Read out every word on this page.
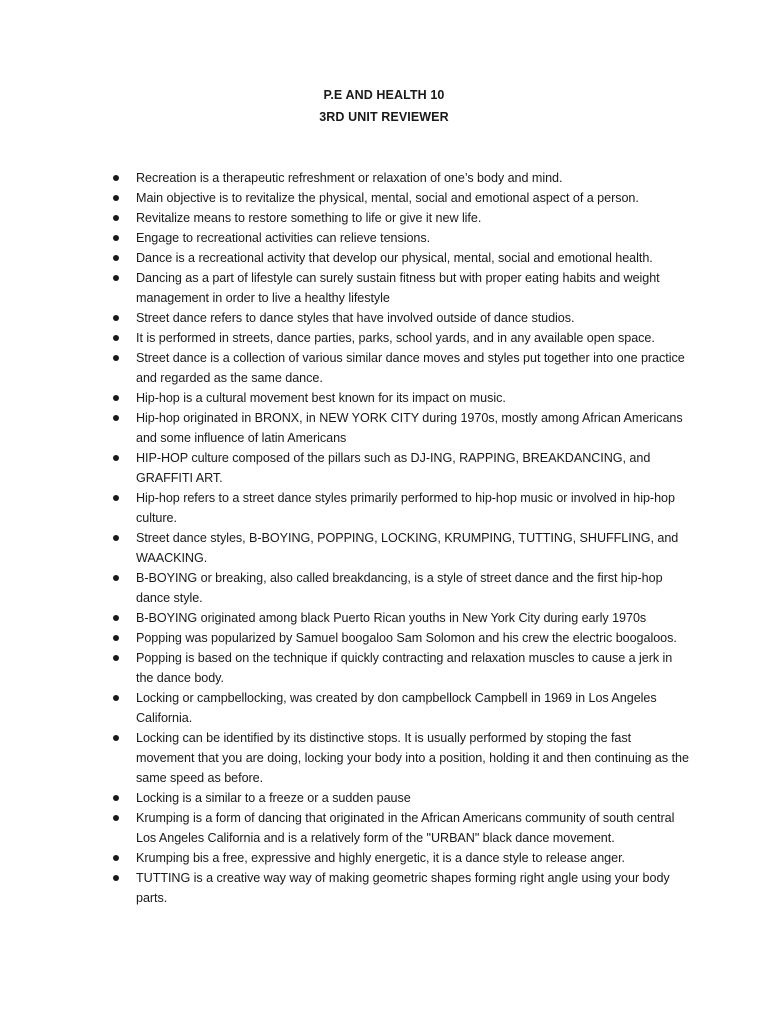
P.E AND HEALTH 10
3RD UNIT REVIEWER
Recreation is a therapeutic refreshment or relaxation of one’s body and mind.
Main objective is to revitalize the physical, mental, social and emotional aspect of a person.
Revitalize means to restore something to life or give it new life.
Engage to recreational activities can relieve tensions.
Dance is a recreational activity that develop our physical, mental, social and emotional health.
Dancing as a part of lifestyle can surely sustain fitness but with proper eating habits and weight management in order to live a healthy lifestyle
Street dance refers to dance styles that have involved outside of dance studios.
It is performed in streets, dance parties, parks, school yards, and in any available open space.
Street dance is a collection of various similar dance moves and styles put together into one practice and regarded as the same dance.
Hip-hop is a cultural movement best known for its impact on music.
Hip-hop originated in BRONX, in NEW YORK CITY during 1970s, mostly among African Americans and some influence of latin Americans
HIP-HOP culture composed of the pillars such as DJ-ING, RAPPING, BREAKDANCING, and GRAFFITI ART.
Hip-hop refers to a street dance styles primarily performed to hip-hop music or involved in hip-hop culture.
Street dance styles, B-BOYING, POPPING, LOCKING, KRUMPING, TUTTING, SHUFFLING, and WAACKING.
B-BOYING or breaking, also called breakdancing, is a style of street dance and the first hip-hop dance style.
B-BOYING originated among black Puerto Rican youths in New York City during early 1970s
Popping was popularized by Samuel boogaloo Sam Solomon and his crew the electric boogaloos.
Popping is based on the technique if quickly contracting and relaxation muscles to cause a jerk in the dance body.
Locking or campbellocking, was created by don campbellock Campbell in 1969 in Los Angeles California.
Locking can be identified by its distinctive stops. It is usually performed by stoping the fast movement that you are doing, locking your body into a position, holding it and then continuing as the same speed as before.
Locking is a similar to a freeze or a sudden pause
Krumping is a form of dancing that originated in the African Americans community of south central Los Angeles California and is a relatively form of the "URBAN" black dance movement.
Krumping bis a free, expressive and highly energetic, it is a dance style to release anger.
TUTTING is a creative way way of making geometric shapes forming right angle using your body parts.
